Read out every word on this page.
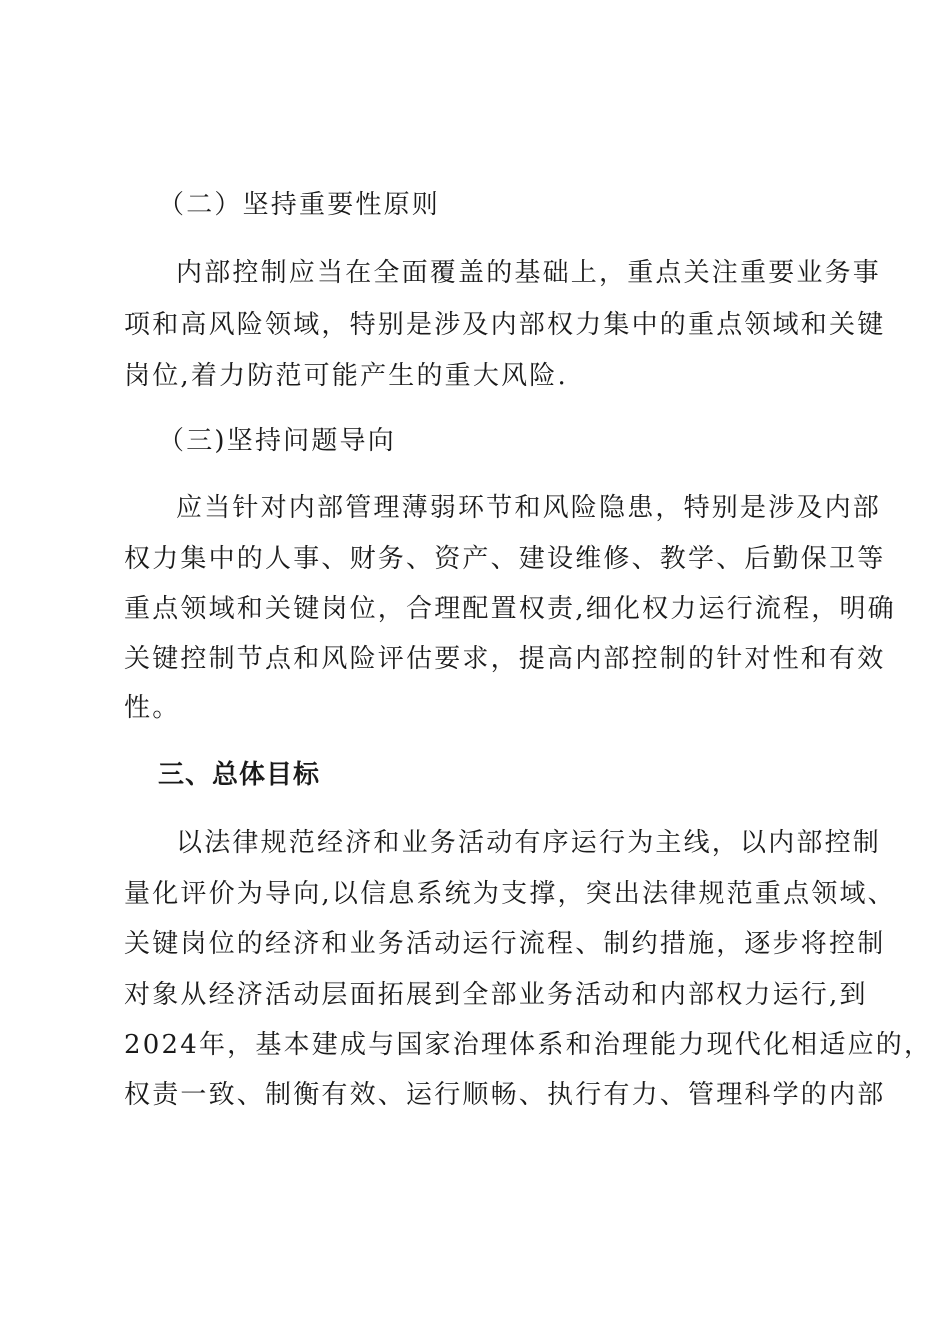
（二）坚持重要性原则
内部控制应当在全面覆盖的基础上，重点关注重要业务事
项和高风险领域，特别是涉及内部权力集中的重点领域和关键
岗位,着力防范可能产生的重大风险.
（三)坚持问题导向
应当针对内部管理薄弱环节和风险隐患，特别是涉及内部
权力集中的人事、财务、资产、建设维修、教学、后勤保卫等
重点领域和关键岗位，合理配置权责,细化权力运行流程，明确
关键控制节点和风险评估要求，提高内部控制的针对性和有效
性。
三、总体目标
以法律规范经济和业务活动有序运行为主线，以内部控制
量化评价为导向,以信息系统为支撑，突出法律规范重点领域、
关键岗位的经济和业务活动运行流程、制约措施，逐步将控制
对象从经济活动层面拓展到全部业务活动和内部权力运行,到
2024年，基本建成与国家治理体系和治理能力现代化相适应的，
权责一致、制衡有效、运行顺畅、执行有力、管理科学的内部
